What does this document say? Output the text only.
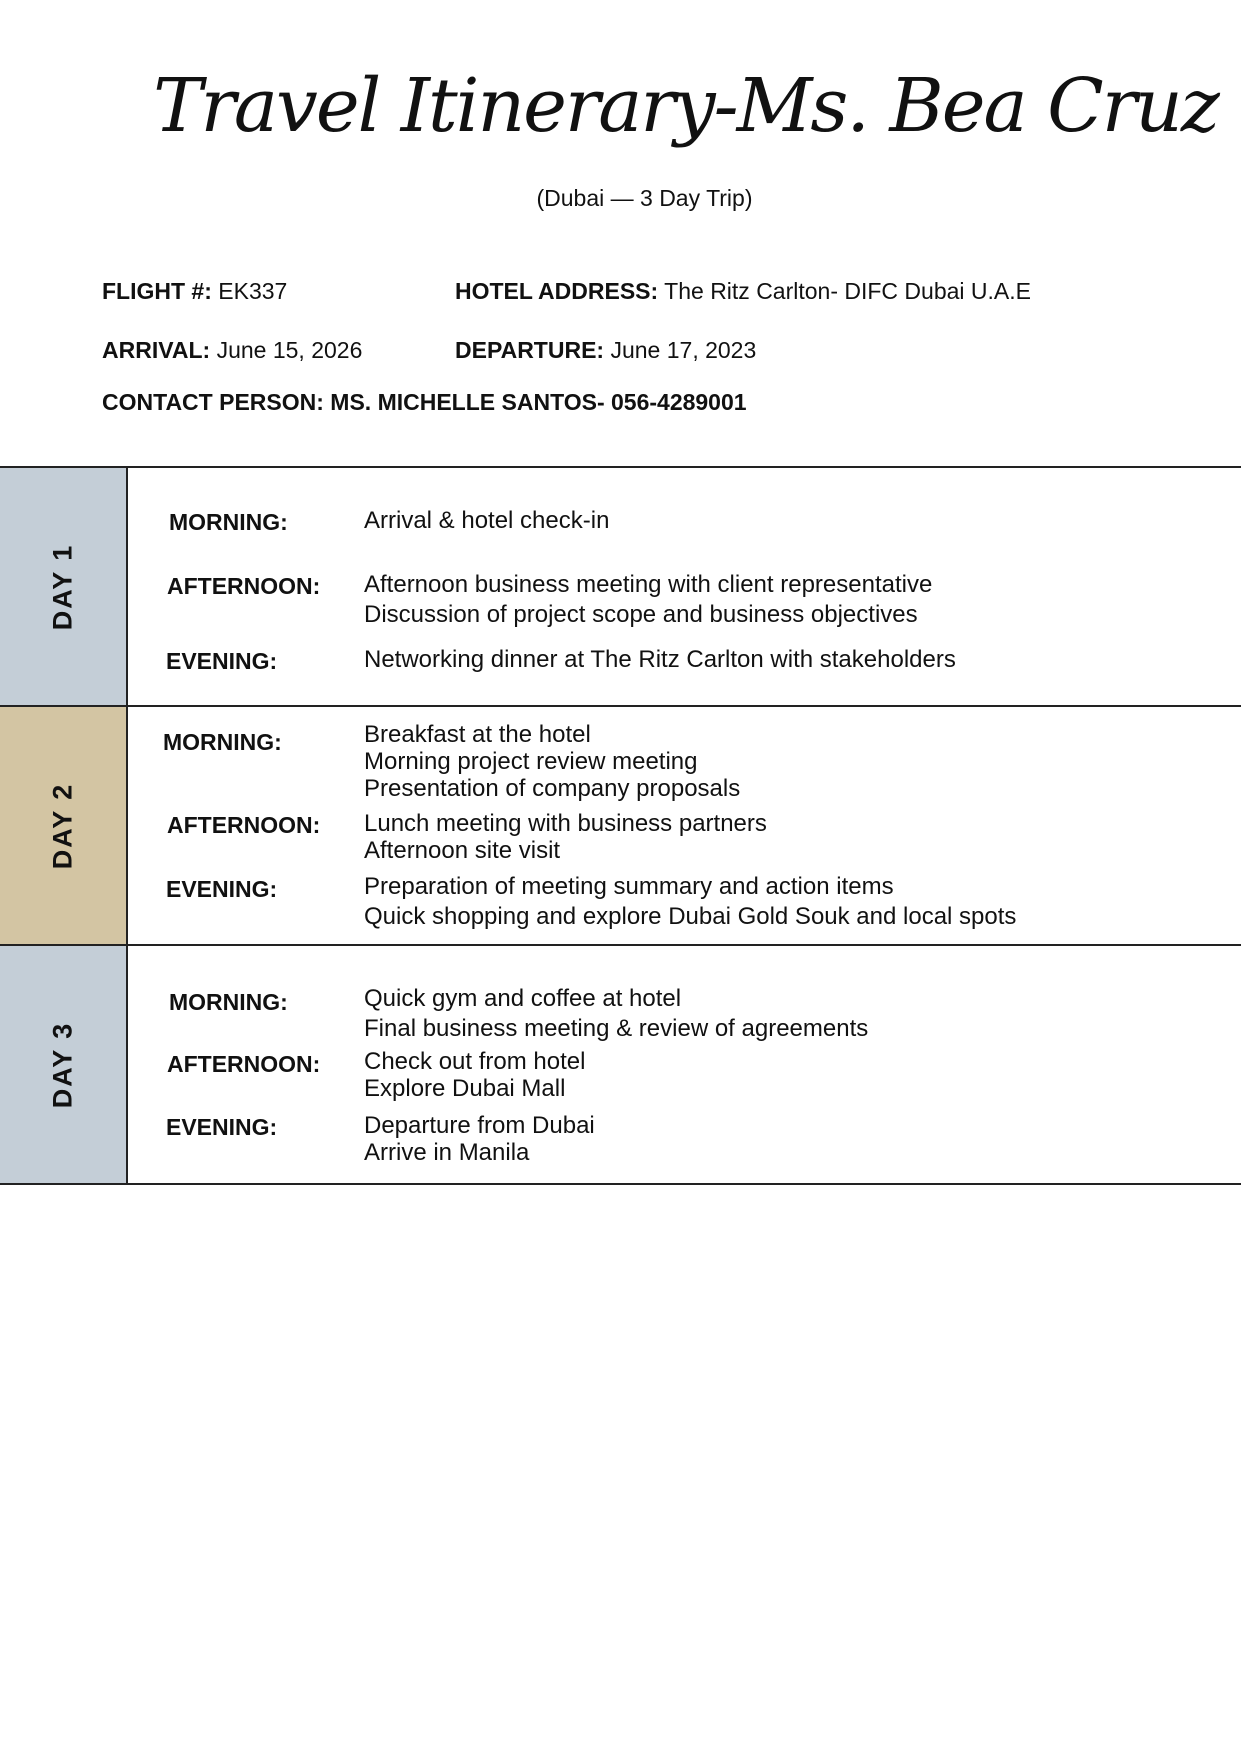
Travel Itinerary-Ms. Bea Cruz
(Dubai — 3 Day Trip)
FLIGHT #: EK337	HOTEL ADDRESS: The Ritz Carlton- DIFC Dubai U.A.E
ARRIVAL: June 15, 2026	DEPARTURE: June 17, 2023
CONTACT PERSON: MS. MICHELLE SANTOS- 056-4289001
DAY 1
MORNING:	Arrival & hotel check-in
AFTERNOON: Afternoon business meeting with client representative
Discussion of project scope and business objectives
EVENING:	Networking dinner at The Ritz Carlton with stakeholders
DAY 2
MORNING:	Breakfast at the hotel
Morning project review meeting
Presentation of company proposals
AFTERNOON: Lunch meeting with business partners
Afternoon site visit
EVENING:	Preparation of meeting summary and action items
Quick shopping and explore Dubai Gold Souk and local spots
DAY 3
MORNING:	Quick gym and coffee at hotel
Final business meeting & review of agreements
AFTERNOON: Check out from hotel
Explore Dubai Mall
EVENING:	Departure from Dubai
Arrive in Manila
